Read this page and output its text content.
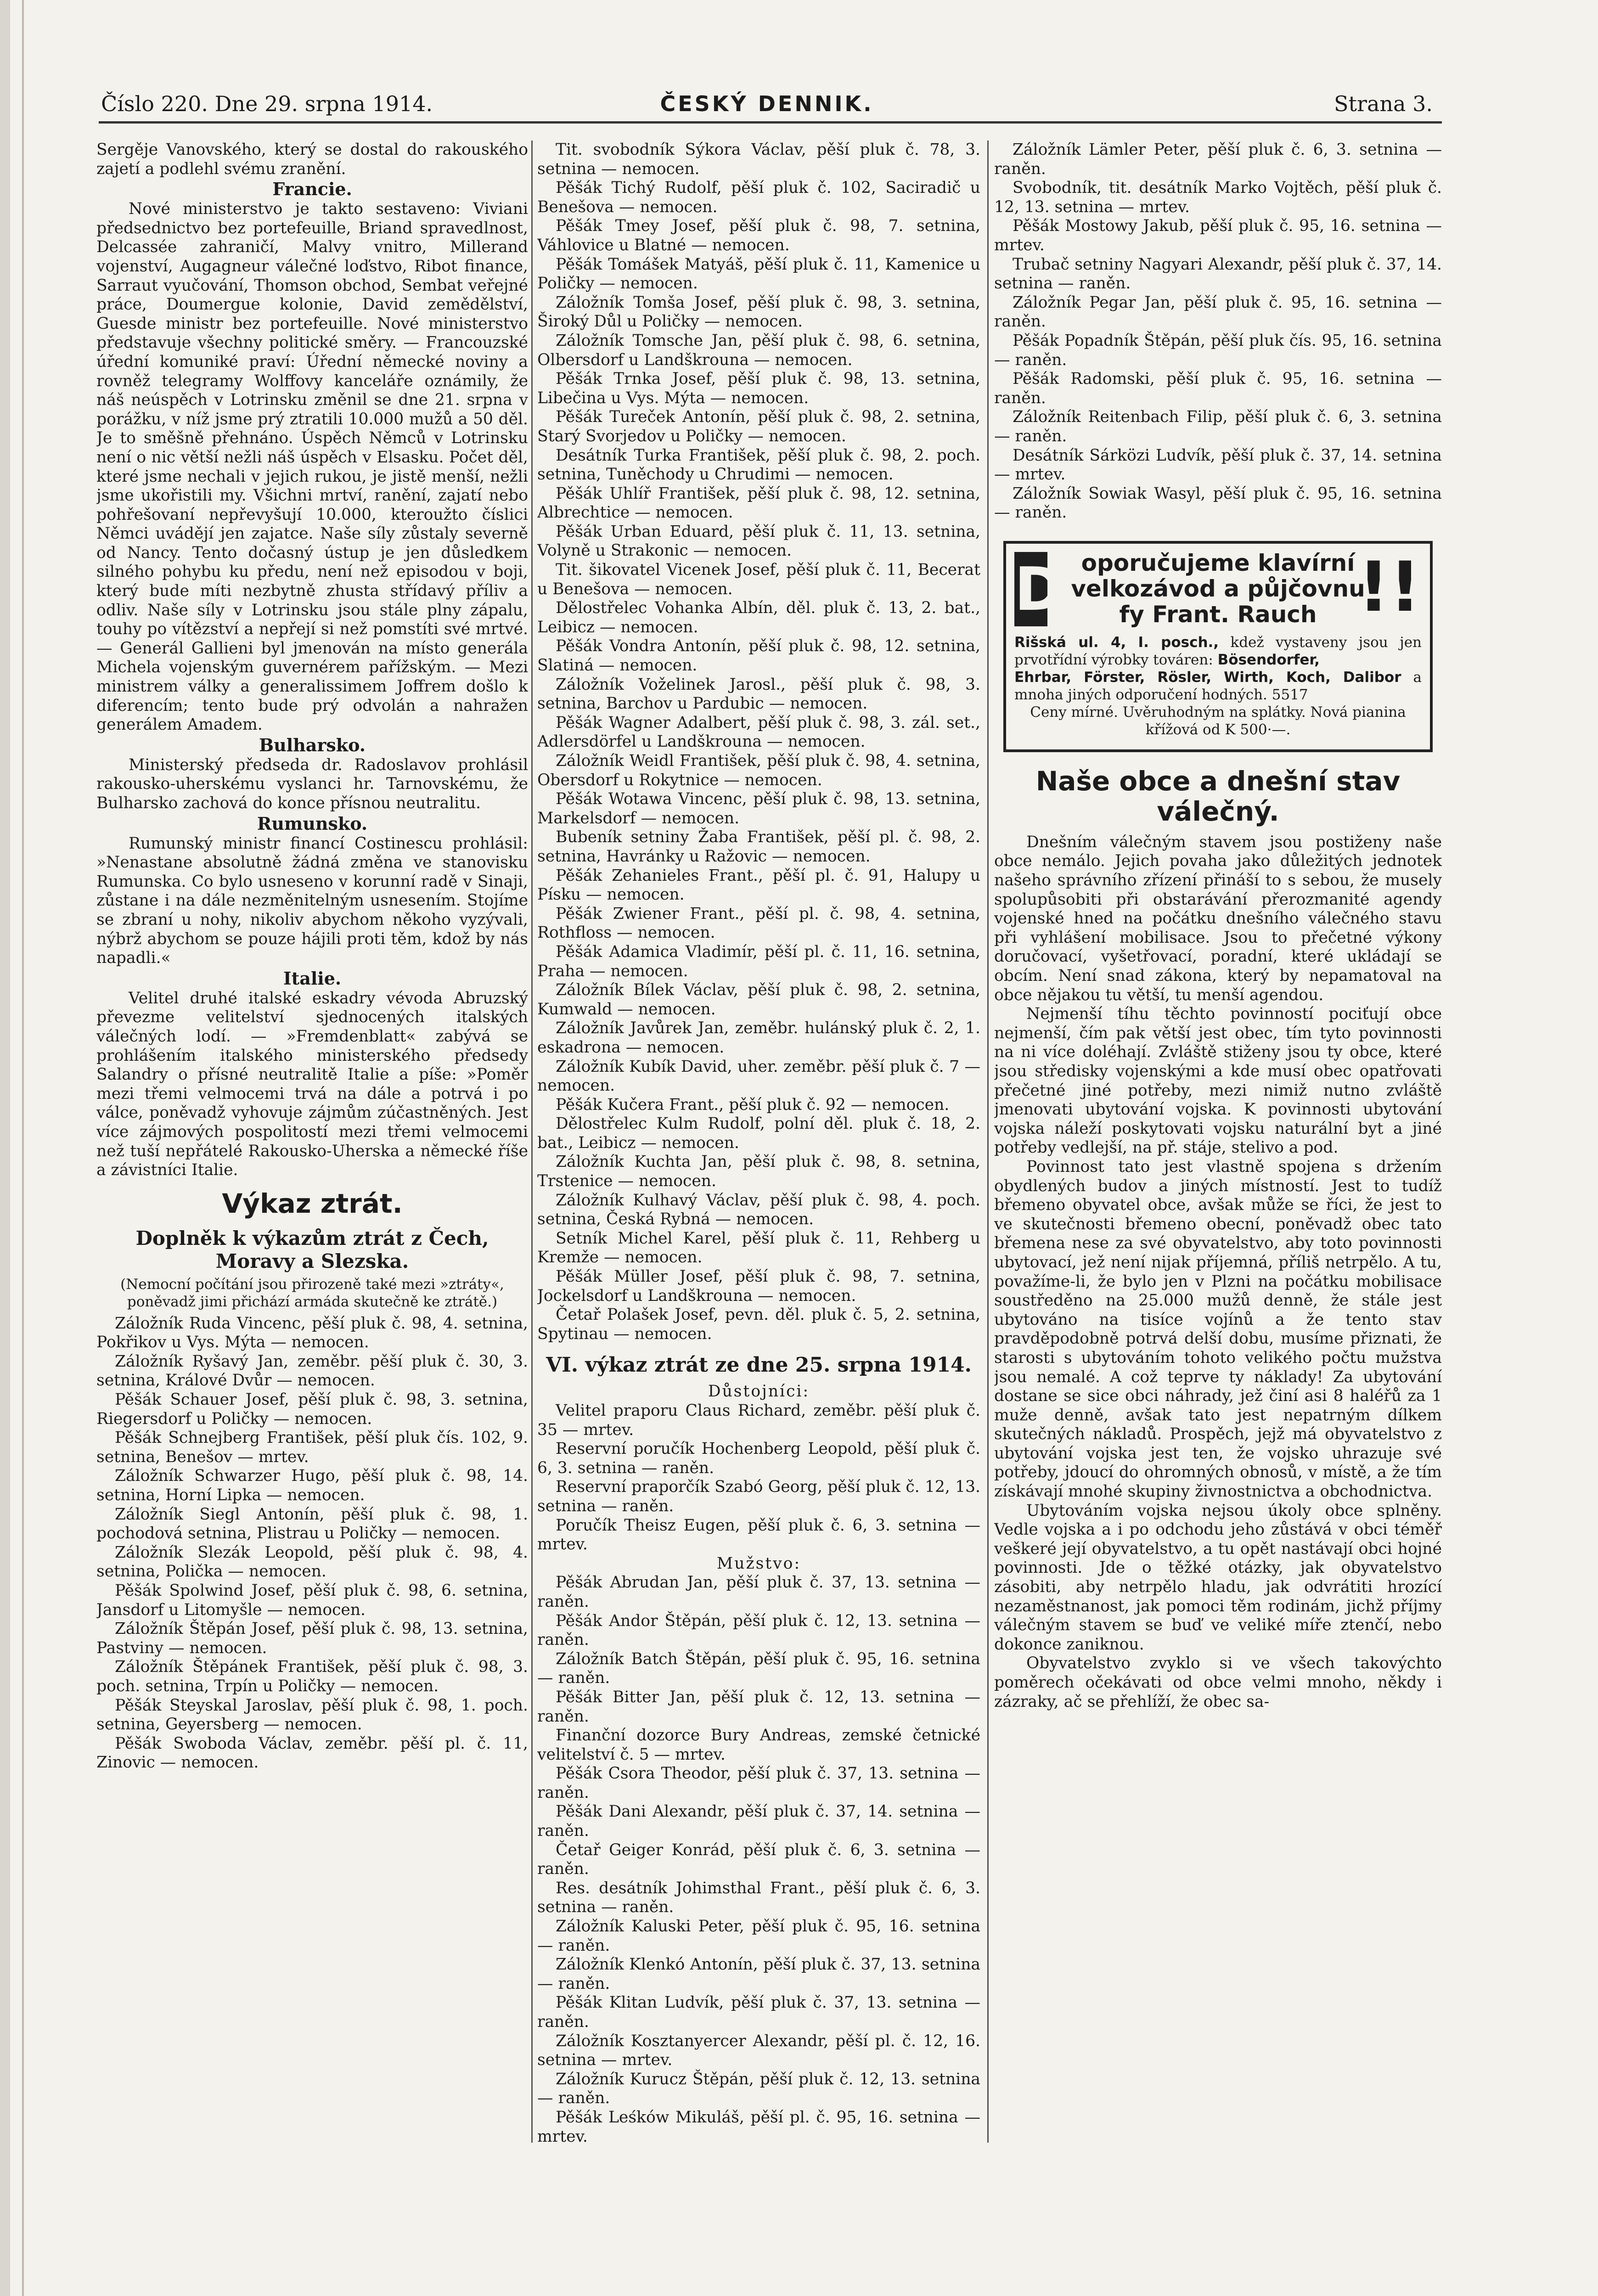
Číslo 220. Dne 29. srpna 1914.	ČESKÝ DENNIK.	Strana 3.

Sergěje Vanovského, který se dostal do rakouského zajetí a podlehl svému zranění.

Francie.

Nové ministerstvo je takto sestaveno: Viviani předsednictvo bez portefeuille, Briand spravedlnost, Delcassée zahraničí, Malvy vnitro, Millerand vojenství, Augagneur válečné loďstvo, Ribot finance, Sarraut vyučování, Thomson obchod, Sembat veřejné práce, Doumergue kolonie, David zemědělství, Guesde ministr bez portefeuille. Nové ministerstvo představuje všechny politické směry. — Francouzské úřední komuniké praví: Úřední německé noviny a rovněž telegramy Wolffovy kanceláře oznámily, že náš neúspěch v Lotrinsku změnil se dne 21. srpna v porážku, v níž jsme prý ztratili 10.000 mužů a 50 děl. Je to směšně přehnáno. Úspěch Němců v Lotrinsku není o nic větší nežli náš úspěch v Elsasku. Počet děl, které jsme nechali v jejich rukou, je jistě menší, nežli jsme ukořistili my. Všichni mrtví, ranění, zajatí nebo pohřešovaní nepřevyšují 10.000, kteroužto číslici Němci uvádějí jen zajatce. Naše síly zůstaly severně od Nancy. Tento dočasný ústup je jen důsledkem silného pohybu ku předu, není než episodou v boji, který bude míti nezbytně zhusta střídavý příliv a odliv. Naše síly v Lotrinsku jsou stále plny zápalu, touhy po vítězství a nepřejí si než pomstíti své mrtvé. — Generál Gallieni byl jmenován na místo generála Michela vojenským guvernérem pařížským. — Mezi ministrem války a generalissimem Joffrem došlo k diferencím; tento bude prý odvolán a nahražen generálem Amadem.

Bulharsko.

Ministerský předseda dr. Radoslavov prohlásil rakousko-uherskému vyslanci hr. Tarnovskému, že Bulharsko zachová do konce přísnou neutralitu.

Rumunsko.

Rumunský ministr financí Costinescu prohlásil: »Nenastane absolutně žádná změna ve stanovisku Rumunska. Co bylo usneseno v korunní radě v Sinaji, zůstane i na dále nezměnitelným usnesením. Stojíme se zbraní u nohy, nikoliv abychom někoho vyzývali, nýbrž abychom se pouze hájili proti těm, kdož by nás napadli.«

Italie.

Velitel druhé italské eskadry vévoda Abruzský převezme velitelství sjednocených italských válečných lodí. — »Fremdenblatt« zabývá se prohlášením italského ministerského předsedy Salandry o přísné neutralitě Italie a píše: »Poměr mezi třemi velmocemi trvá na dále a potrvá i po válce, poněvadž vyhovuje zájmům zúčastněných. Jest více zájmových pospolitostí mezi třemi velmocemi než tuší nepřátelé Rakousko-Uherska a německé říše a závistníci Italie.

Výkaz ztrát.

Doplněk k výkazům ztrát z Čech, Moravy a Slezska.

(Nemocní počítání jsou přirozeně také mezi »ztráty«, poněvadž jimi přichází armáda skutečně ke ztrátě.)

Záložník Ruda Vincenc, pěší pluk č. 98, 4. setnina, Pokřikov u Vys. Mýta — nemocen.

Záložník Ryšavý Jan, zeměbr. pěší pluk č. 30, 3. setnina, Králové Dvůr — nemocen.

Pěšák Schauer Josef, pěší pluk č. 98, 3. setnina, Riegersdorf u Poličky — nemocen.

Pěšák Schnejberg František, pěší pluk čís. 102, 9. setnina, Benešov — mrtev.

Záložník Schwarzer Hugo, pěší pluk č. 98, 14. setnina, Horní Lipka — nemocen.

Záložník Siegl Antonín, pěší pluk č. 98, 1. pochodová setnina, Plistrau u Poličky — nemocen.

Záložník Slezák Leopold, pěší pluk č. 98, 4. setnina, Polička — nemocen.

Pěšák Spolwind Josef, pěší pluk č. 98, 6. setnina, Jansdorf u Litomyšle — nemocen.

Záložník Štěpán Josef, pěší pluk č. 98, 13. setnina, Pastviny — nemocen.

Záložník Štěpánek František, pěší pluk č. 98, 3. poch. setnina, Trpín u Poličky — nemocen.

Pěšák Steyskal Jaroslav, pěší pluk č. 98, 1. poch. setnina, Geyersberg — nemocen.

Pěšák Swoboda Václav, zeměbr. pěší pl. č. 11, Zinovic — nemocen.

Tit. svobodník Sýkora Václav, pěší pluk č. 78, 3. setnina — nemocen.

Pěšák Tichý Rudolf, pěší pluk č. 102, Saciradič u Benešova — nemocen.

Pěšák Tmey Josef, pěší pluk č. 98, 7. setnina, Váhlovice u Blatné — nemocen.

Pěšák Tomášek Matyáš, pěší pluk č. 11, Kamenice u Poličky — nemocen.

Záložník Tomša Josef, pěší pluk č. 98, 3. setnina, Široký Důl u Poličky — nemocen.

Záložník Tomsche Jan, pěší pluk č. 98, 6. setnina, Olbersdorf u Landškrouna — nemocen.

Pěšák Trnka Josef, pěší pluk č. 98, 13. setnina, Libečina u Vys. Mýta — nemocen.

Pěšák Tureček Antonín, pěší pluk č. 98, 2. setnina, Starý Svorjedov u Poličky — nemocen.

Desátník Turka František, pěší pluk č. 98, 2. poch. setnina, Tuněchody u Chrudimi — nemocen.

Pěšák Uhlíř František, pěší pluk č. 98, 12. setnina, Albrechtice — nemocen.

Pěšák Urban Eduard, pěší pluk č. 11, 13. setnina, Volyně u Strakonic — nemocen.

Tit. šikovatel Vicenek Josef, pěší pluk č. 11, Becerat u Benešova — nemocen.

Dělostřelec Vohanka Albín, děl. pluk č. 13, 2. bat., Leibicz — nemocen.

Pěšák Vondra Antonín, pěší pluk č. 98, 12. setnina, Slatiná — nemocen.

Záložník Voželinek Jarosl., pěší pluk č. 98, 3. setnina, Barchov u Pardubic — nemocen.

Pěšák Wagner Adalbert, pěší pluk č. 98, 3. zál. set., Adlersdörfel u Landškrouna — nemocen.

Záložník Weidl František, pěší pluk č. 98, 4. setnina, Obersdorf u Rokytnice — nemocen.

Pěšák Wotawa Vincenc, pěší pluk č. 98, 13. setnina, Markelsdorf — nemocen.

Bubeník setniny Žaba František, pěší pl. č. 98, 2. setnina, Havránky u Ražovic — nemocen.

Pěšák Zehanieles Frant., pěší pl. č. 91, Halupy u Písku — nemocen.

Pěšák Zwiener Frant., pěší pl. č. 98, 4. setnina, Rothfloss — nemocen.

Pěšák Adamica Vladimír, pěší pl. č. 11, 16. setnina, Praha — nemocen.

Záložník Bílek Václav, pěší pluk č. 98, 2. setnina, Kumwald — nemocen.

Záložník Javůrek Jan, zeměbr. hulánský pluk č. 2, 1. eskadrona — nemocen.

Záložník Kubík David, uher. zeměbr. pěší pluk č. 7 — nemocen.

Pěšák Kučera Frant., pěší pluk č. 92 — nemocen.

Dělostřelec Kulm Rudolf, polní děl. pluk č. 18, 2. bat., Leibicz — nemocen.

Záložník Kuchta Jan, pěší pluk č. 98, 8. setnina, Trstenice — nemocen.

Záložník Kulhavý Václav, pěší pluk č. 98, 4. poch. setnina, Česká Rybná — nemocen.

Setník Michel Karel, pěší pluk č. 11, Rehberg u Kremže — nemocen.

Pěšák Müller Josef, pěší pluk č. 98, 7. setnina, Jockelsdorf u Landškrouna — nemocen.

Četař Polašek Josef, pevn. děl. pluk č. 5, 2. setnina, Spytinau — nemocen.

VI. výkaz ztrát ze dne 25. srpna 1914.

Důstojníci:

Velitel praporu Claus Richard, zeměbr. pěší pluk č. 35 — mrtev.

Reservní poručík Hochenberg Leopold, pěší pluk č. 6, 3. setnina — raněn.

Reservní praporčík Szabó Georg, pěší pluk č. 12, 13. setnina — raněn.

Poručík Theisz Eugen, pěší pluk č. 6, 3. setnina — mrtev.

Mužstvo:

Pěšák Abrudan Jan, pěší pluk č. 37, 13. setnina — raněn.

Pěšák Andor Štěpán, pěší pluk č. 12, 13. setnina — raněn.

Záložník Batch Štěpán, pěší pluk č. 95, 16. setnina — raněn.

Pěšák Bitter Jan, pěší pluk č. 12, 13. setnina — raněn.

Finanční dozorce Bury Andreas, zemské četnické velitelství č. 5 — mrtev.

Pěšák Csora Theodor, pěší pluk č. 37, 13. setnina — raněn.

Pěšák Dani Alexandr, pěší pluk č. 37, 14. setnina — raněn.

Četař Geiger Konrád, pěší pluk č. 6, 3. setnina — raněn.

Res. desátník Johimsthal Frant., pěší pluk č. 6, 3. setnina — raněn.

Záložník Kaluski Peter, pěší pluk č. 95, 16. setnina — raněn.

Záložník Klenkó Antonín, pěší pluk č. 37, 13. setnina — raněn.

Pěšák Klitan Ludvík, pěší pluk č. 37, 13. setnina — raněn.

Záložník Kosztanyercer Alexandr, pěší pl. č. 12, 16. setnina — mrtev.

Záložník Kurucz Štěpán, pěší pluk č. 12, 13. setnina — raněn.

Pěšák Leśków Mikuláš, pěší pl. č. 95, 16. setnina — mrtev.

Záložník Lämler Peter, pěší pluk č. 6, 3. setnina — raněn.

Svobodník, tit. desátník Marko Vojtěch, pěší pluk č. 12, 13. setnina — mrtev.

Pěšák Mostowy Jakub, pěší pluk č. 95, 16. setnina — mrtev.

Trubač setniny Nagyari Alexandr, pěší pluk č. 37, 14. setnina — raněn.

Záložník Pegar Jan, pěší pluk č. 95, 16. setnina — raněn.

Pěšák Popadník Štěpán, pěší pluk čís. 95, 16. setnina — raněn.

Pěšák Radomski, pěší pluk č. 95, 16. setnina — raněn.

Záložník Reitenbach Filip, pěší pluk č. 6, 3. setnina — raněn.

Desátník Sárközi Ludvík, pěší pluk č. 37, 14. setnina — mrtev.

Záložník Sowiak Wasyl, pěší pluk č. 95, 16. setnina — raněn.

D	!!
oporučujeme klavírní velkozávod a půjčovnu fy Frant. Rauch

Rišská ul. 4, I. posch., kdež vystaveny jsou jen prvotřídní výrobky továren: Bösendorfer,

Ehrbar, Förster, Rösler, Wirth, Koch, Dalibor a mnoha jiných odporučení hodných. 5517

Ceny mírné. Uvěruhodným na splátky. Nová pianina křížová od K 500·—.

Naše obce a dnešní stav válečný.

Dnešním válečným stavem jsou postiženy naše obce nemálo. Jejich povaha jako důležitých jednotek našeho správního zřízení přináší to s sebou, že musely spolupůsobiti při obstarávání přerozmanité agendy vojenské hned na počátku dnešního válečného stavu při vyhlášení mobilisace. Jsou to přečetné výkony doručovací, vyšetřovací, poradní, které ukládají se obcím. Není snad zákona, který by nepamatoval na obce nějakou tu větší, tu menší agendou.

Nejmenší tíhu těchto povinností pociťují obce nejmenší, čím pak větší jest obec, tím tyto povinnosti na ni více doléhají. Zvláště stiženy jsou ty obce, které jsou středisky vojenskými a kde musí obec opatřovati přečetné jiné potřeby, mezi nimiž nutno zvláště jmenovati ubytování vojska. K povinnosti ubytování vojska náleží poskytovati vojsku naturální byt a jiné potřeby vedlejší, na př. stáje, stelivo a pod.

Povinnost tato jest vlastně spojena s držením obydlených budov a jiných místností. Jest to tudíž břemeno obyvatel obce, avšak může se říci, že jest to ve skutečnosti břemeno obecní, poněvadž obec tato břemena nese za své obyvatelstvo, aby toto povinnosti ubytovací, jež není nijak příjemná, příliš netrpělo. A tu, považíme-li, že bylo jen v Plzni na počátku mobilisace soustředěno na 25.000 mužů denně, že stále jest ubytováno na tisíce vojínů a že tento stav pravděpodobně potrvá delší dobu, musíme přiznati, že starosti s ubytováním tohoto velikého počtu mužstva jsou nemalé. A což teprve ty náklady! Za ubytování dostane se sice obci náhrady, jež činí asi 8 haléřů za 1 muže denně, avšak tato jest nepatrným dílkem skutečných nákladů. Prospěch, jejž má obyvatelstvo z ubytování vojska jest ten, že vojsko uhrazuje své potřeby, jdoucí do ohromných obnosů, v místě, a že tím získávají mnohé skupiny živnostnictva a obchodnictva.

Ubytováním vojska nejsou úkoly obce splněny. Vedle vojska a i po odchodu jeho zůstává v obci téměř veškeré její obyvatelstvo, a tu opět nastávají obci hojné povinnosti. Jde o těžké otázky, jak obyvatelstvo zásobiti, aby netrpělo hladu, jak odvrátiti hrozící nezaměstnanost, jak pomoci těm rodinám, jichž příjmy válečným stavem se buď ve veliké míře ztenčí, nebo dokonce zaniknou.

Obyvatelstvo zvyklo si ve všech takovýchto poměrech očekávati od obce velmi mnoho, někdy i zázraky, ač se přehlíží, že obec sa-
